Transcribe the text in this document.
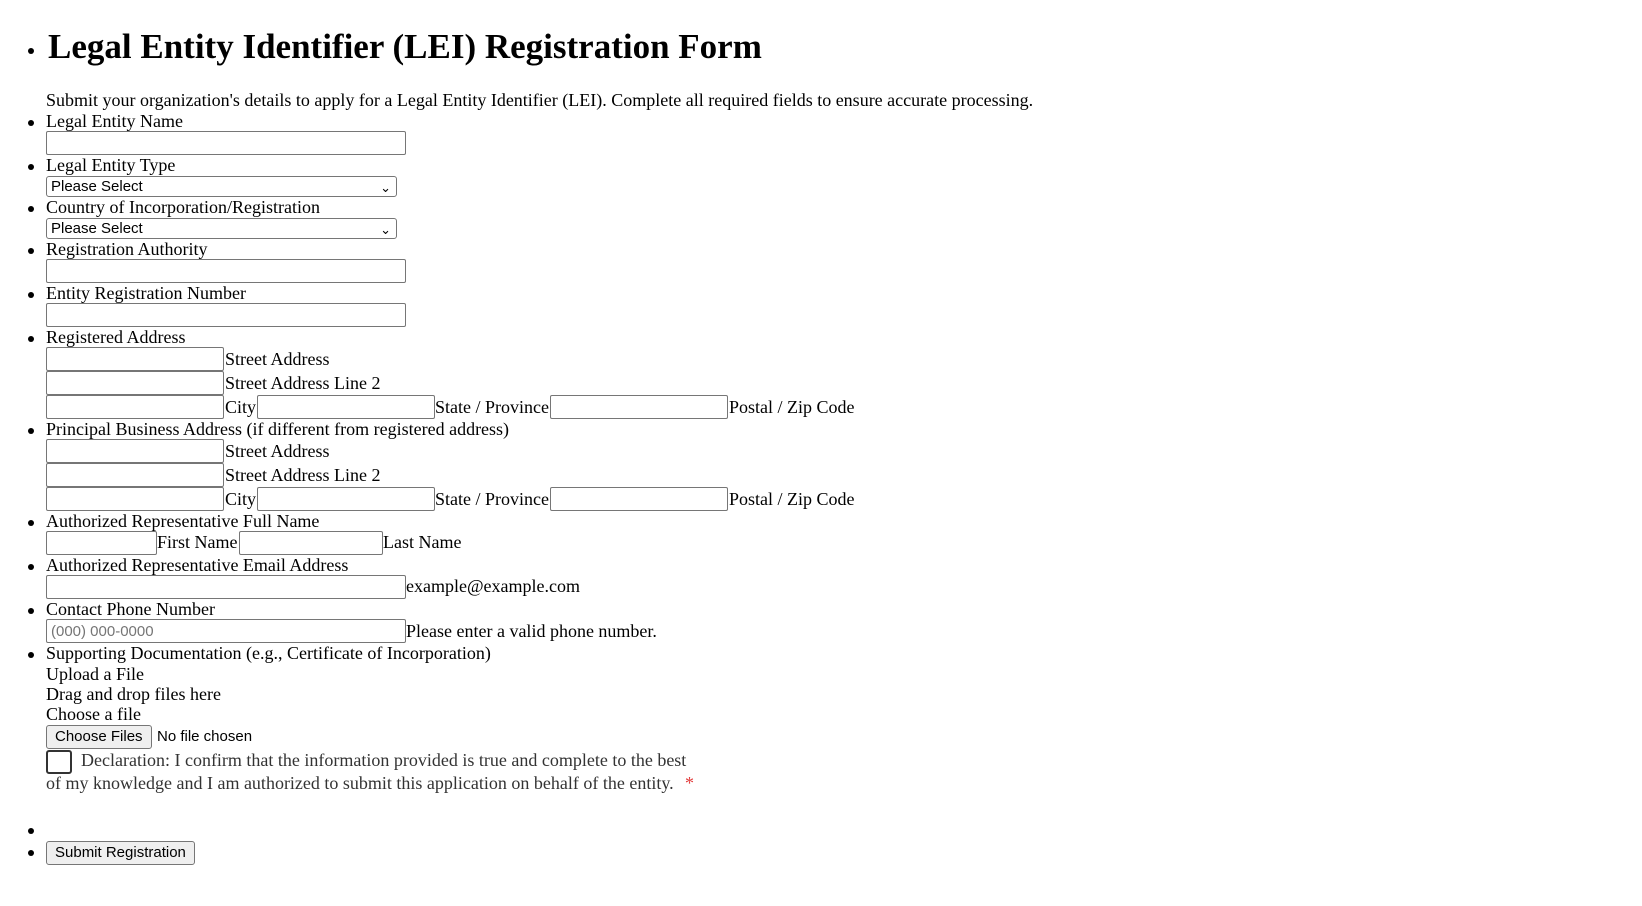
Legal Entity Identifier (LEI) Registration Form
Submit your organization's details to apply for a Legal Entity Identifier (LEI). Complete all required fields to ensure accurate processing.
Legal Entity Name
Legal Entity Type
Please Select	⌄
Country of Incorporation/Registration
Please Select	⌄
Registration Authority
Entity Registration Number
Registered Address
Street Address
Street Address Line 2
City	State / Province	Postal / Zip Code
Principal Business Address (if different from registered address)
Street Address
Street Address Line 2
City	State / Province	Postal / Zip Code
Authorized Representative Full Name
First Name	Last Name
Authorized Representative Email Address
example@example.com
Contact Phone Number
(000) 000-0000
Please enter a valid phone number.
Supporting Documentation (e.g., Certificate of Incorporation)
Upload a File
Drag and drop files here
Choose a file
Choose Files No file chosen
Declaration: I confirm that the information provided is true and complete to the best
of my knowledge and I am authorized to submit this application on behalf of the entity. *
Submit Registration
